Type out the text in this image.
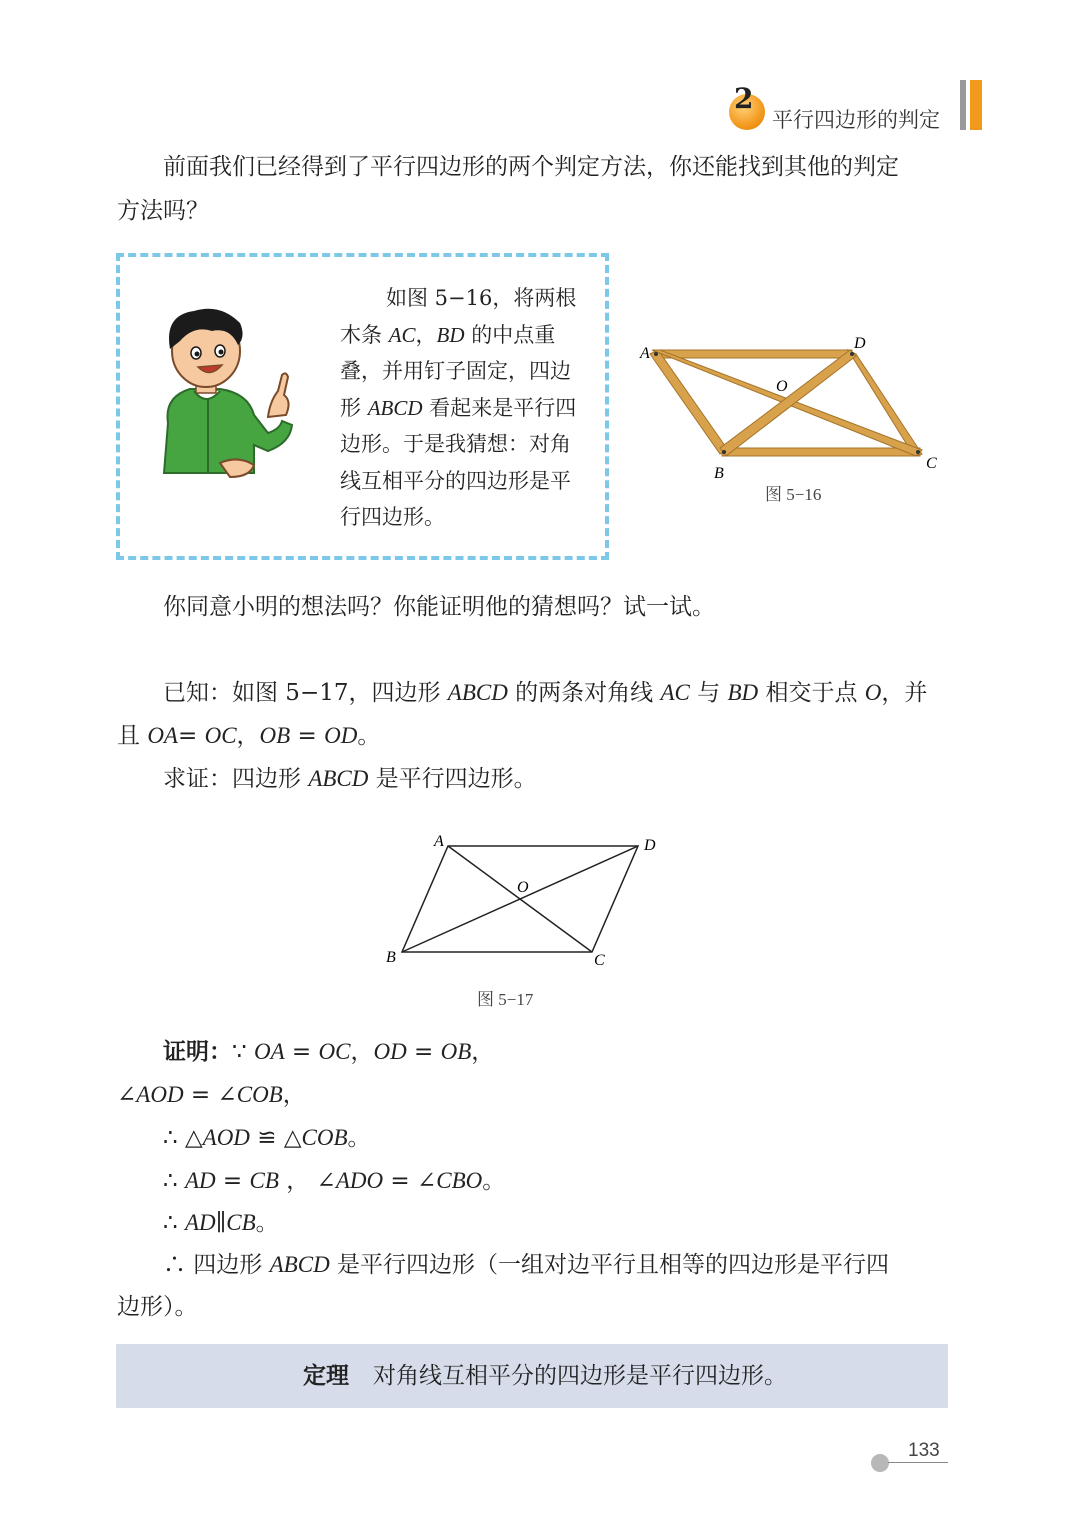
2
平行四边形的判定
前面我们已经得到了平行四边形的两个判定方法，你还能找到其他的判定
方法吗？
如图 5−16，将两根
木条 AC，BD 的中点重
叠，并用钉子固定，四边
形 ABCD 看起来是平行四
边形。于是我猜想：对角
线互相平分的四边形是平
行四边形。
A
D
O
B
C
图 5−16
你同意小明的想法吗？你能证明他的猜想吗？试一试。
已知：如图 5−17，四边形 ABCD 的两条对角线 AC 与 BD 相交于点 O，并
且 OA= OC，OB = OD。
求证：四边形 ABCD 是平行四边形。
A	D
O
B	C
图 5−17
证明：∵ OA = OC，OD = OB，
∠AOD = ∠COB，
∴ △AOD ≌ △COB。
∴ AD = CB ， ∠ADO = ∠CBO。
∴ AD∥CB。
∴ 四边形 ABCD 是平行四边形（一组对边平行且相等的四边形是平行四
边形）。
定理 对角线互相平分的四边形是平行四边形。
133
